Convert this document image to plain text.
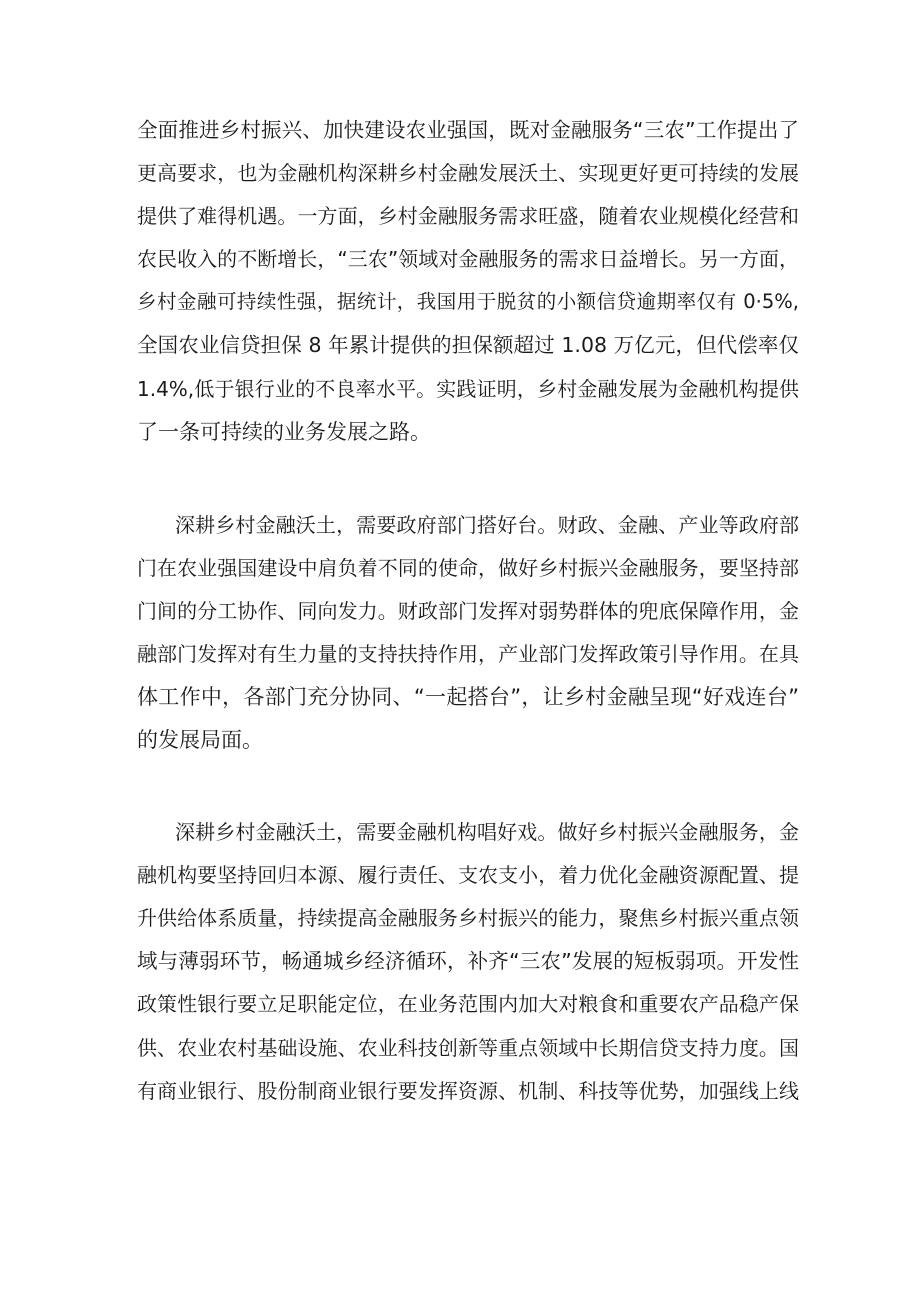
全面推进乡村振兴、加快建设农业强国，既对金融服务“三农”工作提出了
更高要求，也为金融机构深耕乡村金融发展沃土、实现更好更可持续的发展
提供了难得机遇。一方面，乡村金融服务需求旺盛，随着农业规模化经营和
农民收入的不断增长，“三农”领域对金融服务的需求日益增长。另一方面，
乡村金融可持续性强，据统计，我国用于脱贫的小额信贷逾期率仅有 0·5%,
全国农业信贷担保 8 年累计提供的担保额超过 1.08 万亿元，但代偿率仅
1.4%,低于银行业的不良率水平。实践证明，乡村金融发展为金融机构提供
了一条可持续的业务发展之路。
深耕乡村金融沃土，需要政府部门搭好台。财政、金融、产业等政府部
门在农业强国建设中肩负着不同的使命，做好乡村振兴金融服务，要坚持部
门间的分工协作、同向发力。财政部门发挥对弱势群体的兜底保障作用，金
融部门发挥对有生力量的支持扶持作用，产业部门发挥政策引导作用。在具
体工作中，各部门充分协同、“一起搭台”，让乡村金融呈现“好戏连台”
的发展局面。
深耕乡村金融沃土，需要金融机构唱好戏。做好乡村振兴金融服务，金
融机构要坚持回归本源、履行责任、支农支小，着力优化金融资源配置、提
升供给体系质量，持续提高金融服务乡村振兴的能力，聚焦乡村振兴重点领
域与薄弱环节，畅通城乡经济循环，补齐“三农”发展的短板弱项。开发性
政策性银行要立足职能定位，在业务范围内加大对粮食和重要农产品稳产保
供、农业农村基础设施、农业科技创新等重点领域中长期信贷支持力度。国
有商业银行、股份制商业银行要发挥资源、机制、科技等优势，加强线上线
